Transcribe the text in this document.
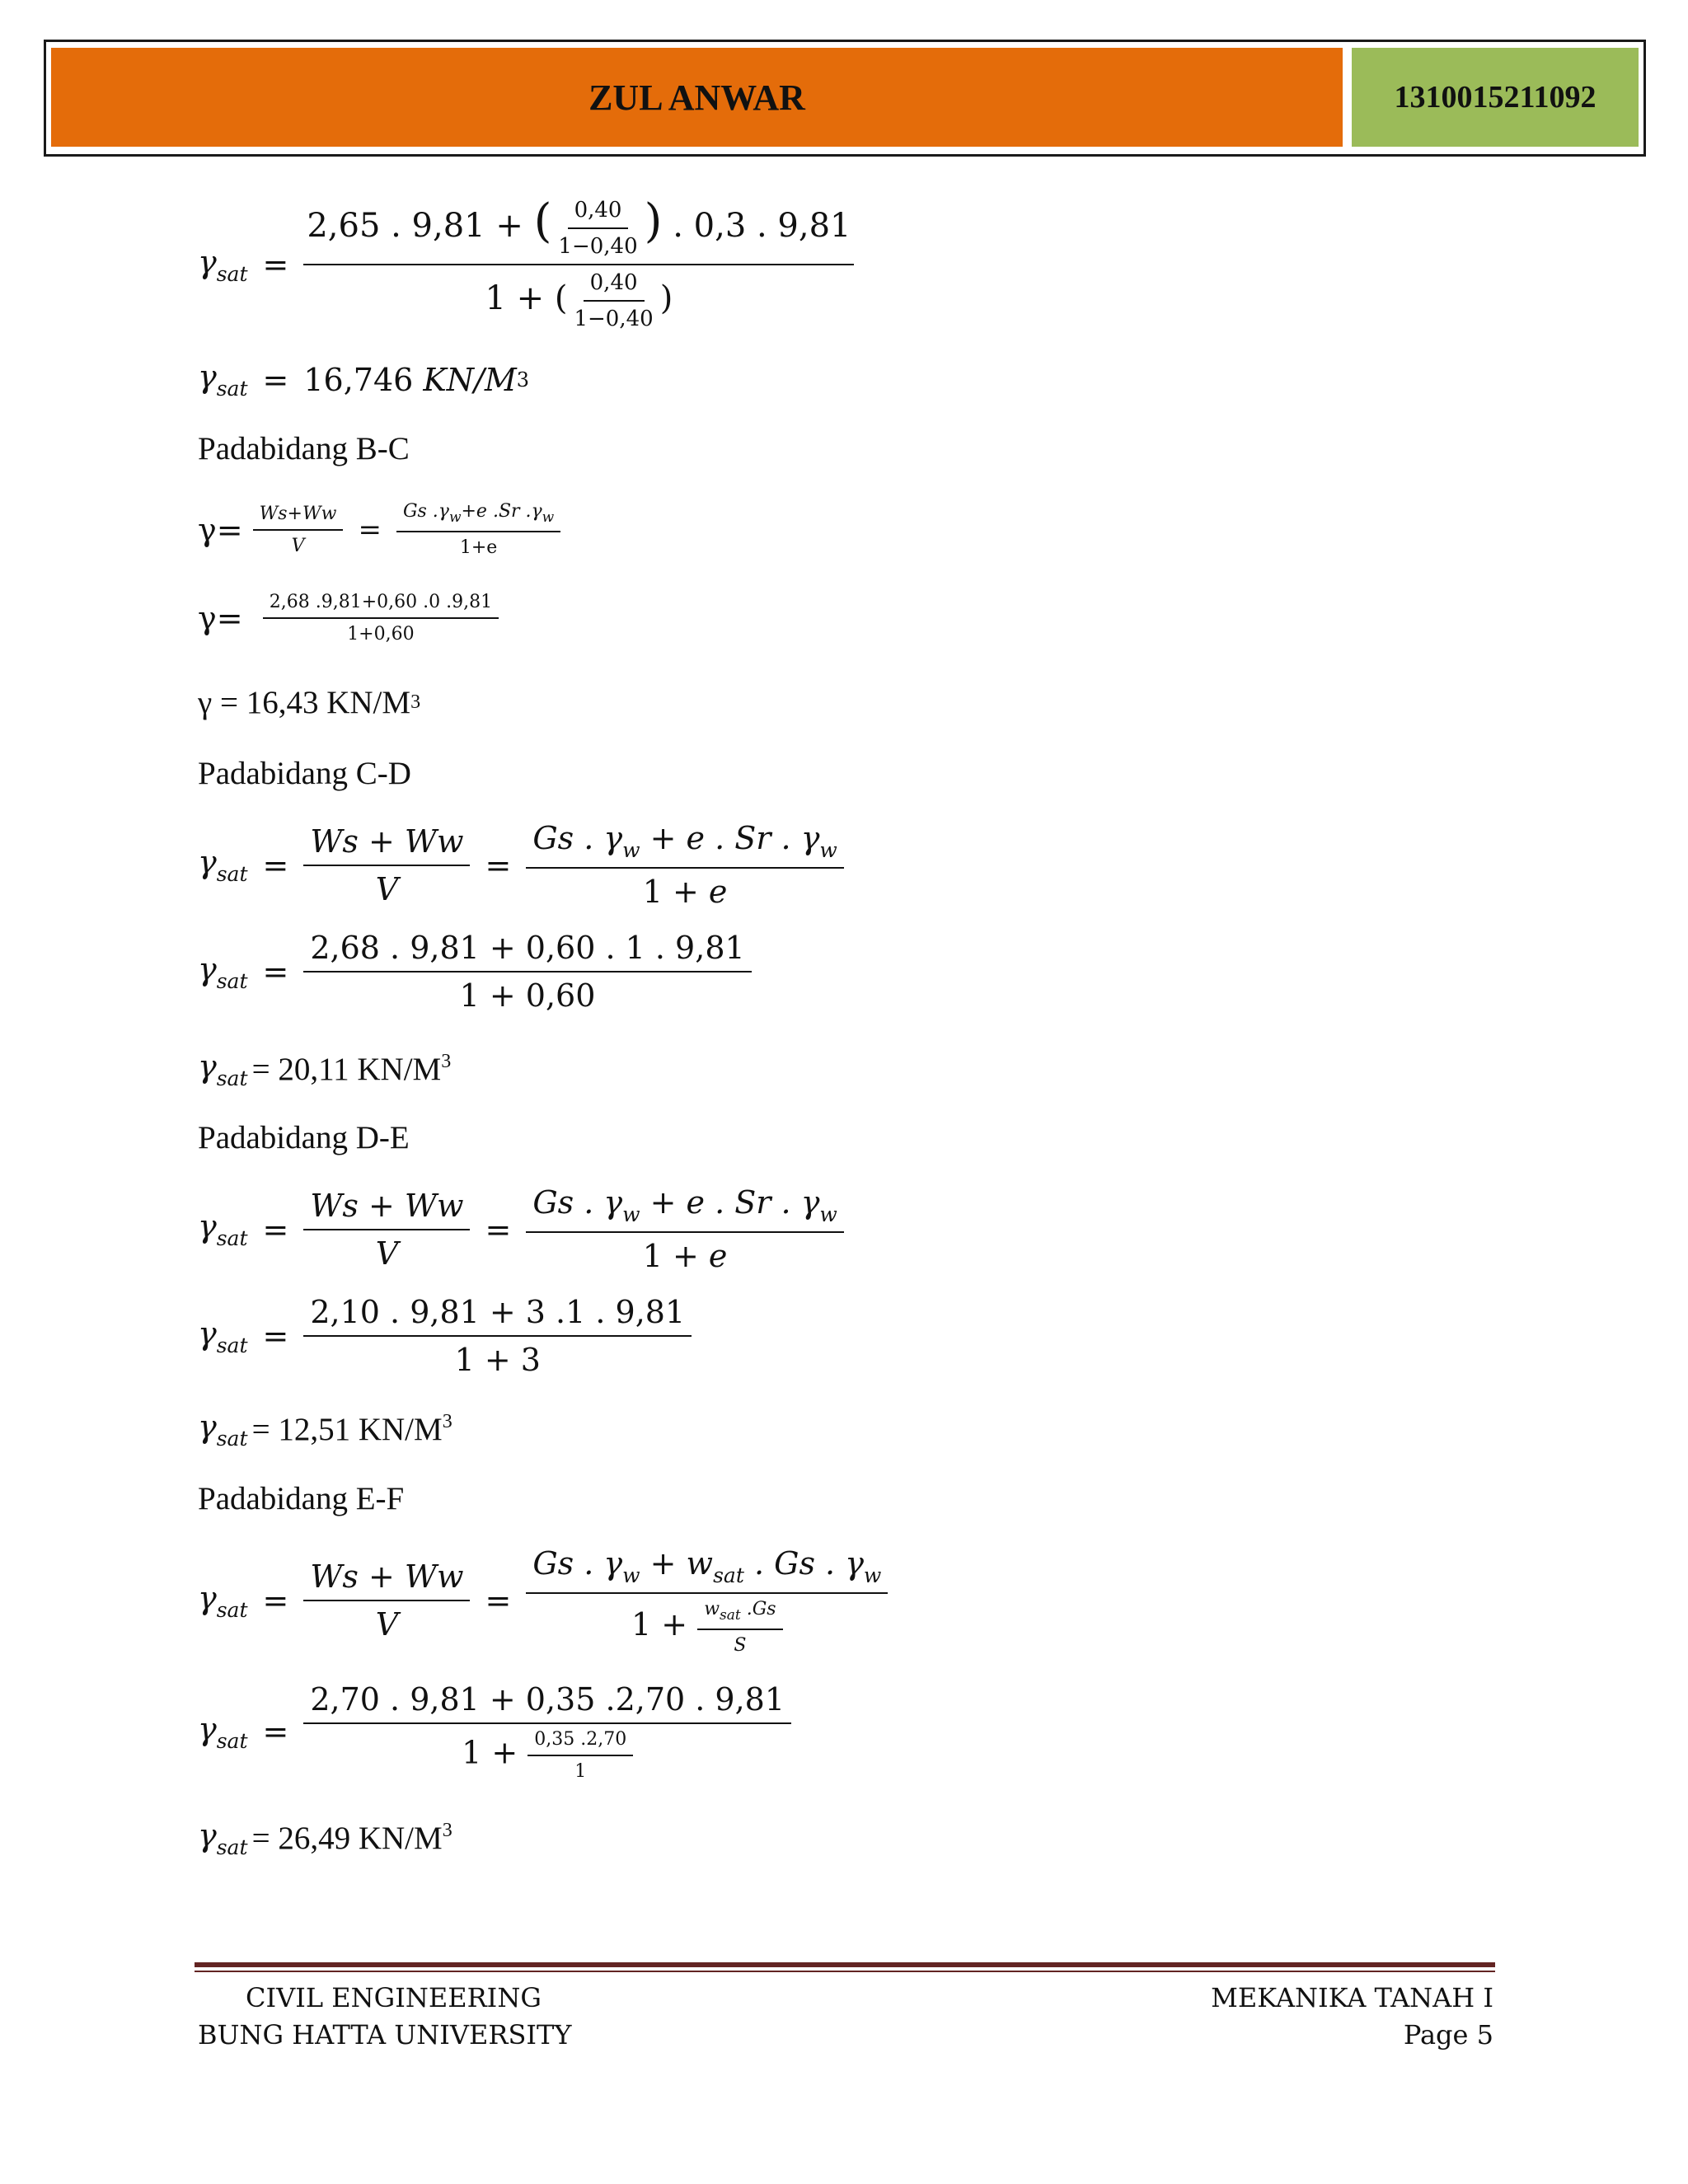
ZUL ANWAR	1310015211092
$\gamma_{sat} = \frac{2,65 . 9,81 + ( \frac{0,40}{1-0,40} ) . 0,3 . 9,81}{1 + ( \frac{0,40}{1-0,40} )}$
$\gamma_{sat} = 16,746$
KN/M 3
Padabidang B-C
γ=
$\frac{Ws+Ww}{V} = \frac{Gs .\gamma_w+e .Sr .\gamma_w}{1+e}$
γ=
$\frac{2,68 .9,81+0,60 .0 .9,81}{1+0,60}$
γ = 16,43 KN/M 3
Padabidang C-D
$\gamma_{sat} = \frac{Ws + Ww}{V} = \frac{Gs . \gamma_w + e . Sr . \gamma_w}{1 + e}$
$\gamma_{sat} = \frac{2,68 . 9,81 + 0,60 . 1 . 9,81}{1 + 0,60}$
$\gamma_{sat}$
= 20,11 KN/M $^3$
Padabidang D-E
$\gamma_{sat} = \frac{Ws + Ww}{V} = \frac{Gs . \gamma_w + e . Sr . \gamma_w}{1 + e}$
$\gamma_{sat} = \frac{2,10 . 9,81 + 3 .1 . 9,81}{1 + 3}$
$\gamma_{sat}$
= 12,51 KN/M $^3$
Padabidang E-F
$\gamma_{sat} = \frac{Ws + Ww}{V} = \frac{Gs . \gamma_w + w_{sat} . Gs . \gamma_w}{1 + \frac{w_{sat} .Gs}{S}}$
$\gamma_{sat} = \frac{2,70 . 9,81 + 0,35 .2,70 . 9,81}{1 + \frac{0,35 .2,70}{1}}$
$\gamma_{sat}$
= 26,49 KN/M $^3$
CIVIL ENGINEERING
BUNG HATTA UNIVERSITY
MEKANIKA TANAH I
Page 5
